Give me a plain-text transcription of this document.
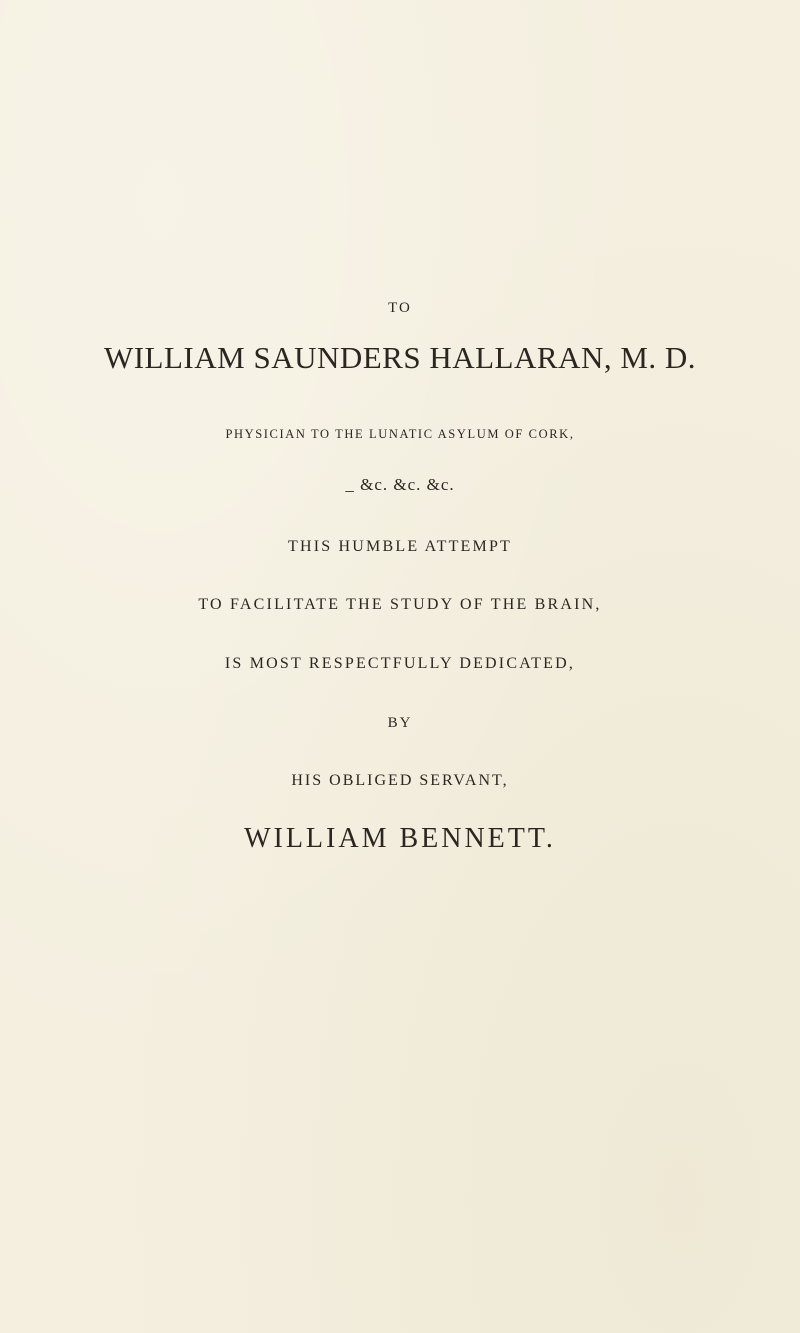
TO
WILLIAM SAUNDERS HALLARAN, M. D.
PHYSICIAN TO THE LUNATIC ASYLUM OF CORK,
_ &c. &c. &c.
THIS HUMBLE ATTEMPT
TO FACILITATE THE STUDY OF THE BRAIN,
IS MOST RESPECTFULLY DEDICATED,
BY
HIS OBLIGED SERVANT,
WILLIAM BENNETT.
